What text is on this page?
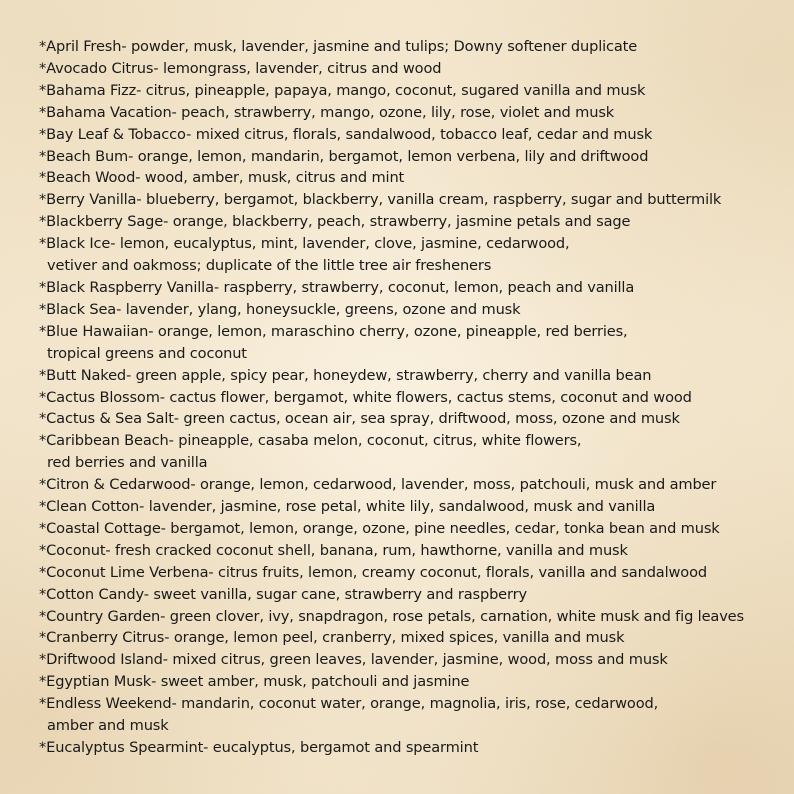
*April Fresh- powder, musk, lavender, jasmine and tulips; Downy softener duplicate
*Avocado Citrus- lemongrass, lavender, citrus and wood
*Bahama Fizz- citrus, pineapple, papaya, mango, coconut, sugared vanilla and musk
*Bahama Vacation- peach, strawberry, mango, ozone, lily, rose, violet and musk
*Bay Leaf & Tobacco- mixed citrus, florals, sandalwood, tobacco leaf, cedar and musk
*Beach Bum- orange, lemon, mandarin, bergamot, lemon verbena, lily and driftwood
*Beach Wood- wood, amber, musk, citrus and mint
*Berry Vanilla- blueberry, bergamot, blackberry, vanilla cream, raspberry, sugar and buttermilk
*Blackberry Sage- orange, blackberry, peach, strawberry, jasmine petals and sage
*Black Ice- lemon, eucalyptus, mint, lavender, clove, jasmine, cedarwood,
vetiver and oakmoss; duplicate of the little tree air fresheners
*Black Raspberry Vanilla- raspberry, strawberry, coconut, lemon, peach and vanilla
*Black Sea- lavender, ylang, honeysuckle, greens, ozone and musk
*Blue Hawaiian- orange, lemon, maraschino cherry, ozone, pineapple, red berries,
tropical greens and coconut
*Butt Naked- green apple, spicy pear, honeydew, strawberry, cherry and vanilla bean
*Cactus Blossom- cactus flower, bergamot, white flowers, cactus stems, coconut and wood
*Cactus & Sea Salt- green cactus, ocean air, sea spray, driftwood, moss, ozone and musk
*Caribbean Beach- pineapple, casaba melon, coconut, citrus, white flowers,
red berries and vanilla
*Citron & Cedarwood- orange, lemon, cedarwood, lavender, moss, patchouli, musk and amber
*Clean Cotton- lavender, jasmine, rose petal, white lily, sandalwood, musk and vanilla
*Coastal Cottage- bergamot, lemon, orange, ozone, pine needles, cedar, tonka bean and musk
*Coconut- fresh cracked coconut shell, banana, rum, hawthorne, vanilla and musk
*Coconut Lime Verbena- citrus fruits, lemon, creamy coconut, florals, vanilla and sandalwood
*Cotton Candy- sweet vanilla, sugar cane, strawberry and raspberry
*Country Garden- green clover, ivy, snapdragon, rose petals, carnation, white musk and fig leaves
*Cranberry Citrus- orange, lemon peel, cranberry, mixed spices, vanilla and musk
*Driftwood Island- mixed citrus, green leaves, lavender, jasmine, wood, moss and musk
*Egyptian Musk- sweet amber, musk, patchouli and jasmine
*Endless Weekend- mandarin, coconut water, orange, magnolia, iris, rose, cedarwood,
amber and musk
*Eucalyptus Spearmint- eucalyptus, bergamot and spearmint
